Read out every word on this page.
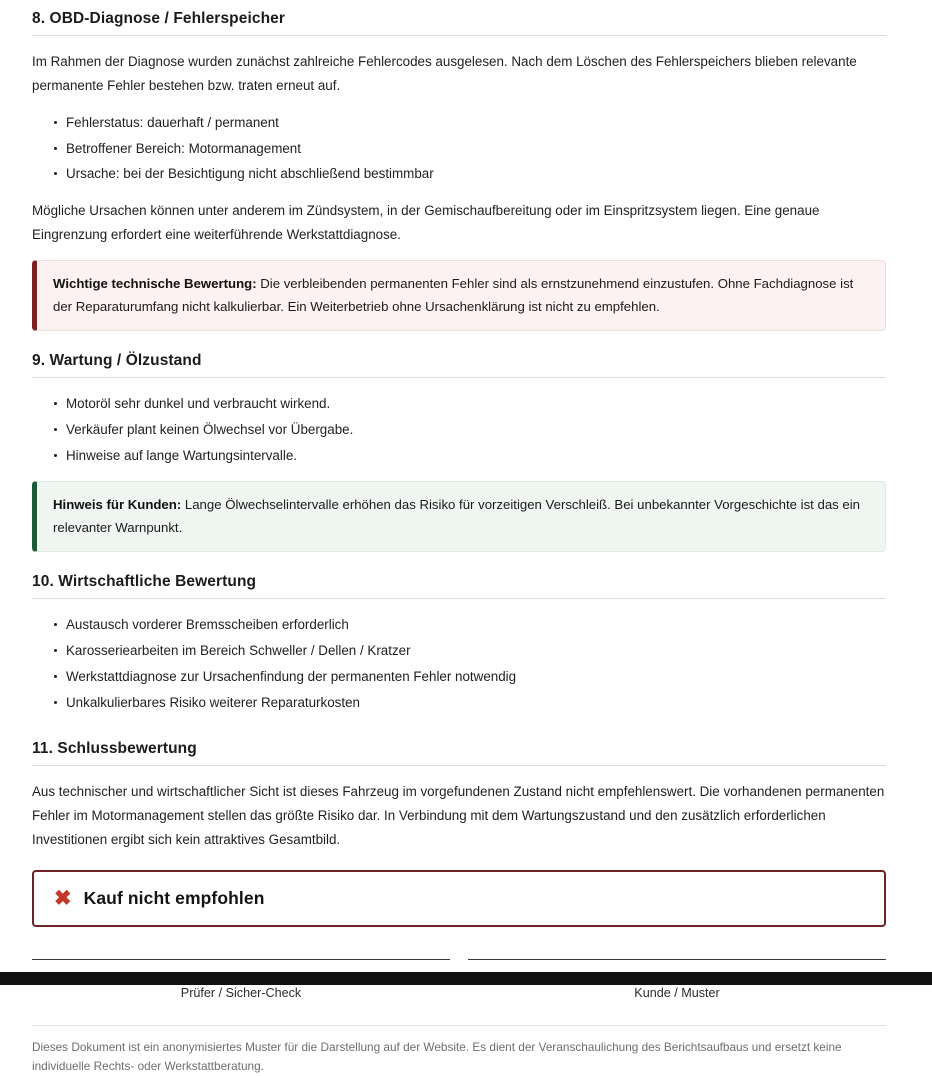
8. OBD-Diagnose / Fehlerspeicher

Im Rahmen der Diagnose wurden zunächst zahlreiche Fehlercodes ausgelesen. Nach dem Löschen des Fehlerspeichers blieben relevante permanente Fehler bestehen bzw. traten erneut auf.

Fehlerstatus: dauerhaft / permanent
Betroffener Bereich: Motormanagement
Ursache: bei der Besichtigung nicht abschließend bestimmbar

Mögliche Ursachen können unter anderem im Zündsystem, in der Gemischaufbereitung oder im Einspritzsystem liegen. Eine genaue Eingrenzung erfordert eine weiterführende Werkstattdiagnose.

Wichtige technische Bewertung: Die verbleibenden permanenten Fehler sind als ernstzunehmend einzustufen. Ohne Fachdiagnose ist der Reparaturumfang nicht kalkulierbar. Ein Weiterbetrieb ohne Ursachenklärung ist nicht zu empfehlen.
9. Wartung / Ölzustand
Motoröl sehr dunkel und verbraucht wirkend.
Verkäufer plant keinen Ölwechsel vor Übergabe.
Hinweise auf lange Wartungsintervalle.
Hinweis für Kunden: Lange Ölwechselintervalle erhöhen das Risiko für vorzeitigen Verschleiß. Bei unbekannter Vorgeschichte ist das ein relevanter Warnpunkt.
10. Wirtschaftliche Bewertung
Austausch vorderer Bremsscheiben erforderlich
Karosseriearbeiten im Bereich Schweller / Dellen / Kratzer
Werkstattdiagnose zur Ursachenfindung der permanenten Fehler notwendig
Unkalkulierbares Risiko weiterer Reparaturkosten
11. Schlussbewertung

Aus technischer und wirtschaftlicher Sicht ist dieses Fahrzeug im vorgefundenen Zustand nicht empfehlenswert. Die vorhandenen permanenten Fehler im Motormanagement stellen das größte Risiko dar. In Verbindung mit dem Wartungszustand und den zusätzlich erforderlichen Investitionen ergibt sich kein attraktives Gesamtbild.

✖ Kauf nicht empfohlen
Prüfer / Sicher-Check	Kunde / Muster

Dieses Dokument ist ein anonymisiertes Muster für die Darstellung auf der Website. Es dient der Veranschaulichung des Berichtsaufbaus und ersetzt keine individuelle Rechts- oder Werkstattberatung.
